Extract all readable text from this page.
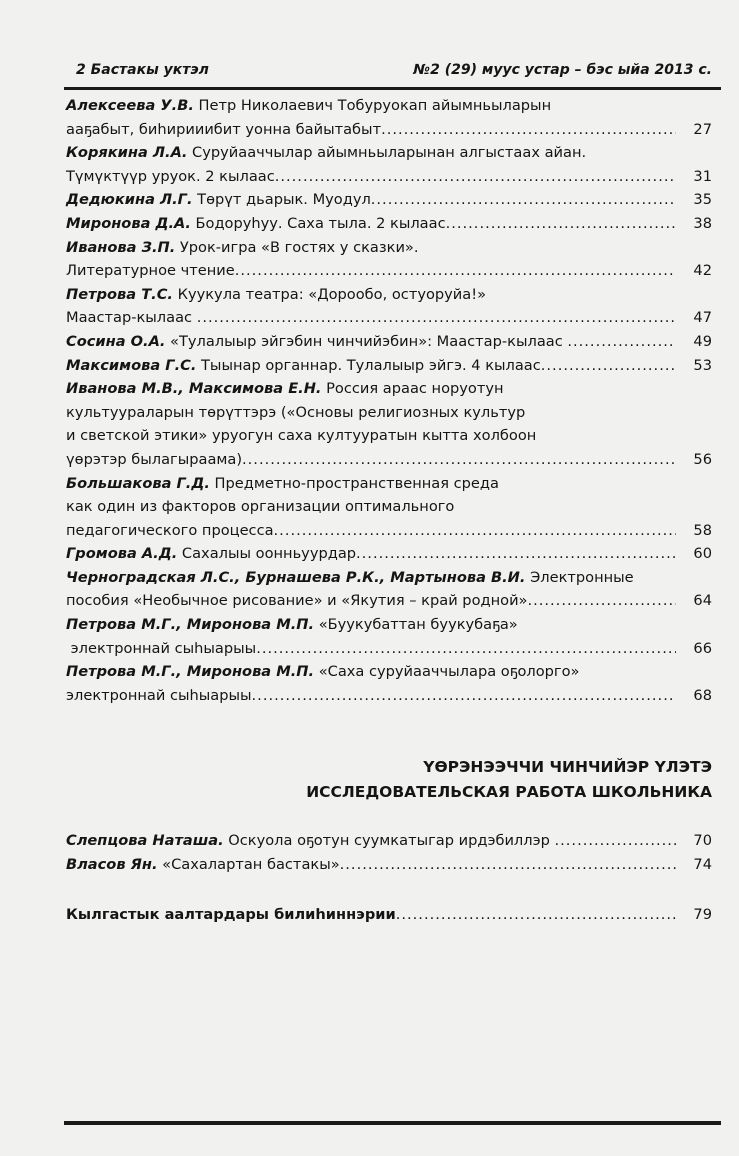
2 Бастакы уктэл	№2 (29) муус устар – бэс ыйа 2013 с.
Алексеева У.В. Петр Николаевич Тобуруокап айымньыларын
ааҕабыт, биһирииибит уонна байытабыт .....	27
Корякина Л.А. Суруйааччылар айымньыларынан алгыстаах айан.
Түмүктүүр уруок. 2 кылаас .....	31
Дедюкина Л.Г. Төрүт дьарык. Муодул .....	35
Миронова Д.А. Бодоруһуу. Саха тыла. 2 кылаас .....	38
Иванова З.П. Урок-игра «В гостях у сказки».
Литературное чтение .....	42
Петрова Т.С. Куукула театра: «Дорообо, остуоруйа!»
Маастар-кылаас .....	47
Сосина О.А. «Тулалыыр эйгэбин чинчийэбин»: Маастар-кылаас .....	49
Максимова Г.С. Тыынар органнар. Тулалыыр эйгэ. 4 кылаас .....	53
Иванова М.В., Максимова Е.Н. Россия араас норуотун
культуураларын төрүттэрэ («Основы религиозных культур
и светской этики» уруогун саха култууратын кытта холбоон
үөрэтэр былагыраама) .....	56
Большакова Г.Д. Предметно-пространственная среда
как один из факторов организации оптимального
педагогического процесса .....	58
Громова А.Д. Сахалыы оонньуурдар .....	60
Черноградская Л.С., Бурнашева Р.К., Мартынова В.И. Электронные
пособия «Необычное рисование» и «Якутия – край родной» .....	64
Петрова М.Г., Миронова М.П. «Буукубаттан буукубаҕа»
электроннай сыһыарыы .....	66
Петрова М.Г., Миронова М.П. «Саха суруйааччылара оҕолорго»
электроннай сыһыарыы .....	68
ҮӨРЭНЭЭЧЧИ ЧИНЧИЙЭР ҮЛЭТЭ
ИССЛЕДОВАТЕЛЬСКАЯ РАБОТА ШКОЛЬНИКА
Слепцова Наташа. Оскуола оҕотун суумкатыгар ирдэбиллэр .....	70
Власов Ян. «Сахалартан бастакы» .....	74
Кылгастык аалтардары билиһиннэрии .....	79
